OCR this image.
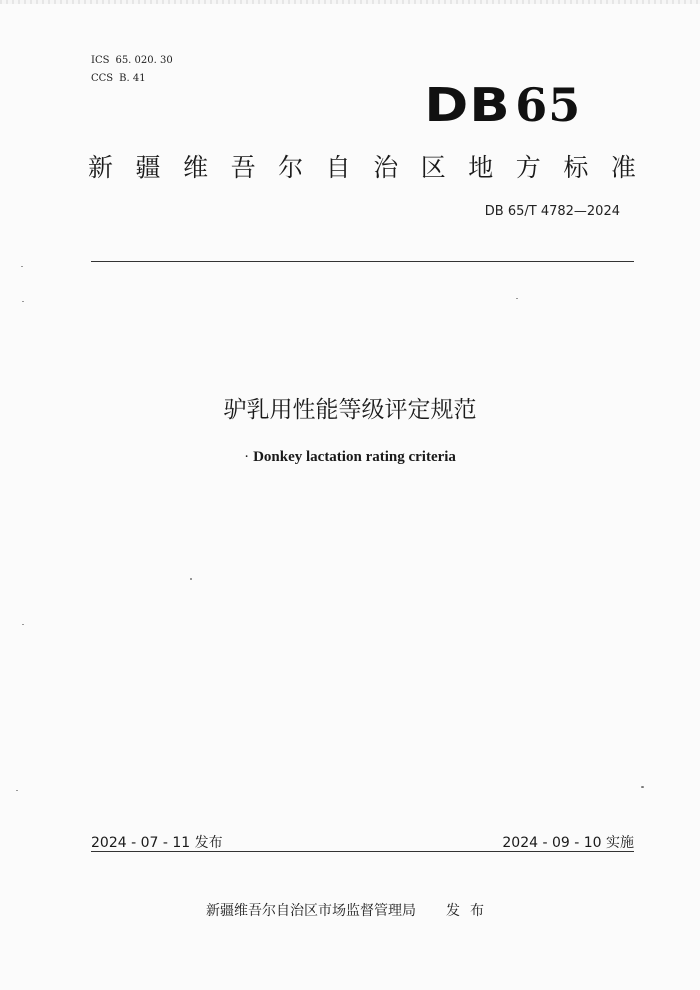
ICS 65. 020. 30
CCS B. 41	DB65
新 疆 维 吾 尔 自 治 区 地 方 标 准
DB 65/T 4782—2024
驴乳用性能等级评定规范
· Donkey lactation rating criteria
2024 - 07 - 11 发布	2024 - 09 - 10 实施
新疆维吾尔自治区市场监督管理局 发布
